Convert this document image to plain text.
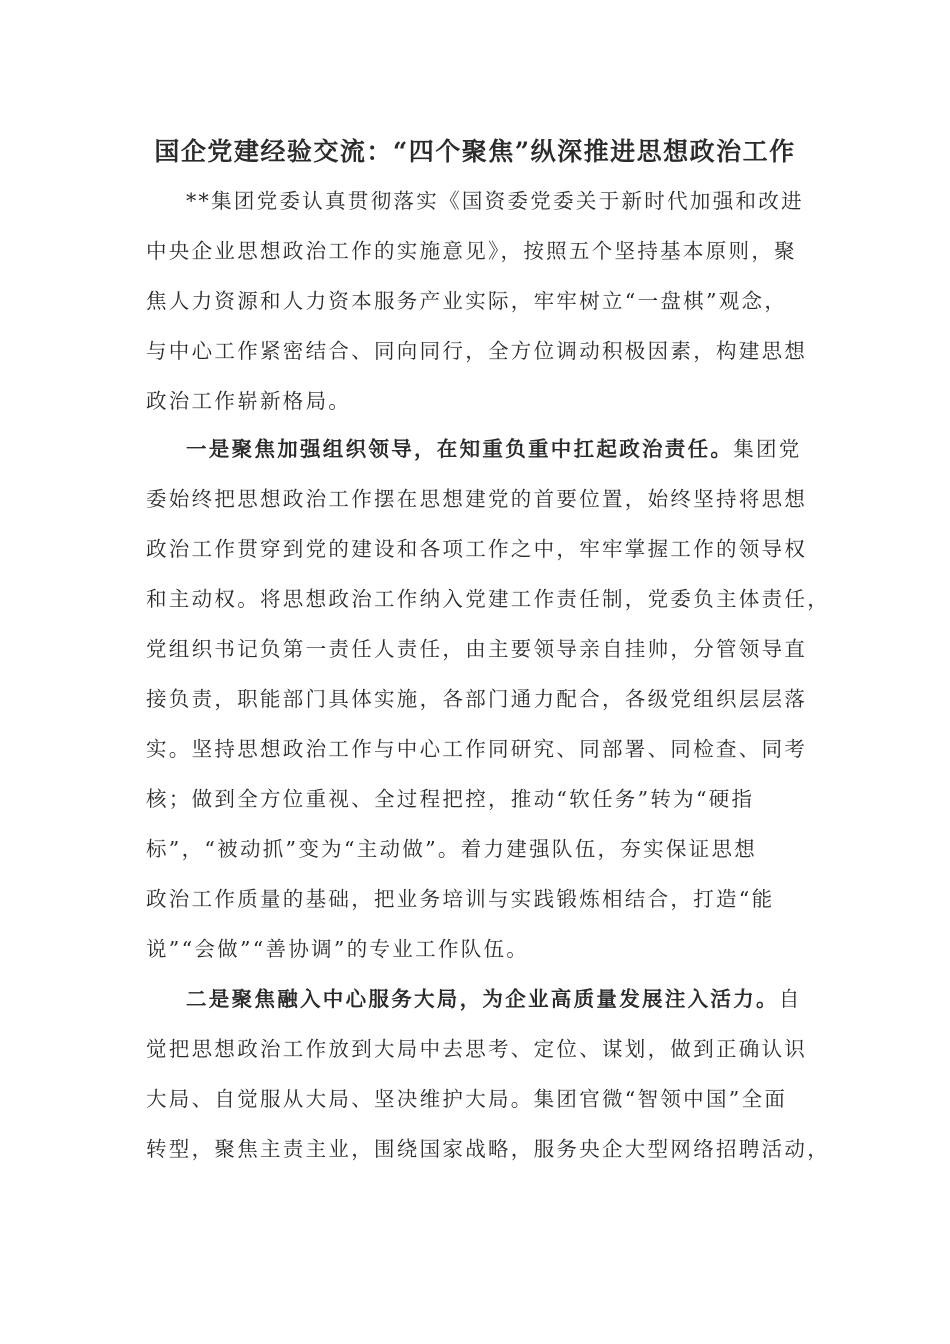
国企党建经验交流：“四个聚焦”纵深推进思想政治工作
**集团党委认真贯彻落实《国资委党委关于新时代加强和改进
中央企业思想政治工作的实施意见》，按照五个坚持基本原则，聚
焦人力资源和人力资本服务产业实际，牢牢树立“一盘棋”观念，
与中心工作紧密结合、同向同行，全方位调动积极因素，构建思想
政治工作崭新格局。
一是聚焦加强组织领导，在知重负重中扛起政治责任。集团党
委始终把思想政治工作摆在思想建党的首要位置，始终坚持将思想
政治工作贯穿到党的建设和各项工作之中，牢牢掌握工作的领导权
和主动权。将思想政治工作纳入党建工作责任制，党委负主体责任，
党组织书记负第一责任人责任，由主要领导亲自挂帅，分管领导直
接负责，职能部门具体实施，各部门通力配合，各级党组织层层落
实。坚持思想政治工作与中心工作同研究、同部署、同检查、同考
核；做到全方位重视、全过程把控，推动“软任务”转为“硬指
标”，“被动抓”变为“主动做”。着力建强队伍，夯实保证思想
政治工作质量的基础，把业务培训与实践锻炼相结合，打造“能
说”“会做”“善协调”的专业工作队伍。
二是聚焦融入中心服务大局，为企业高质量发展注入活力。自
觉把思想政治工作放到大局中去思考、定位、谋划，做到正确认识
大局、自觉服从大局、坚决维护大局。集团官微“智领中国”全面
转型，聚焦主责主业，围绕国家战略，服务央企大型网络招聘活动，
